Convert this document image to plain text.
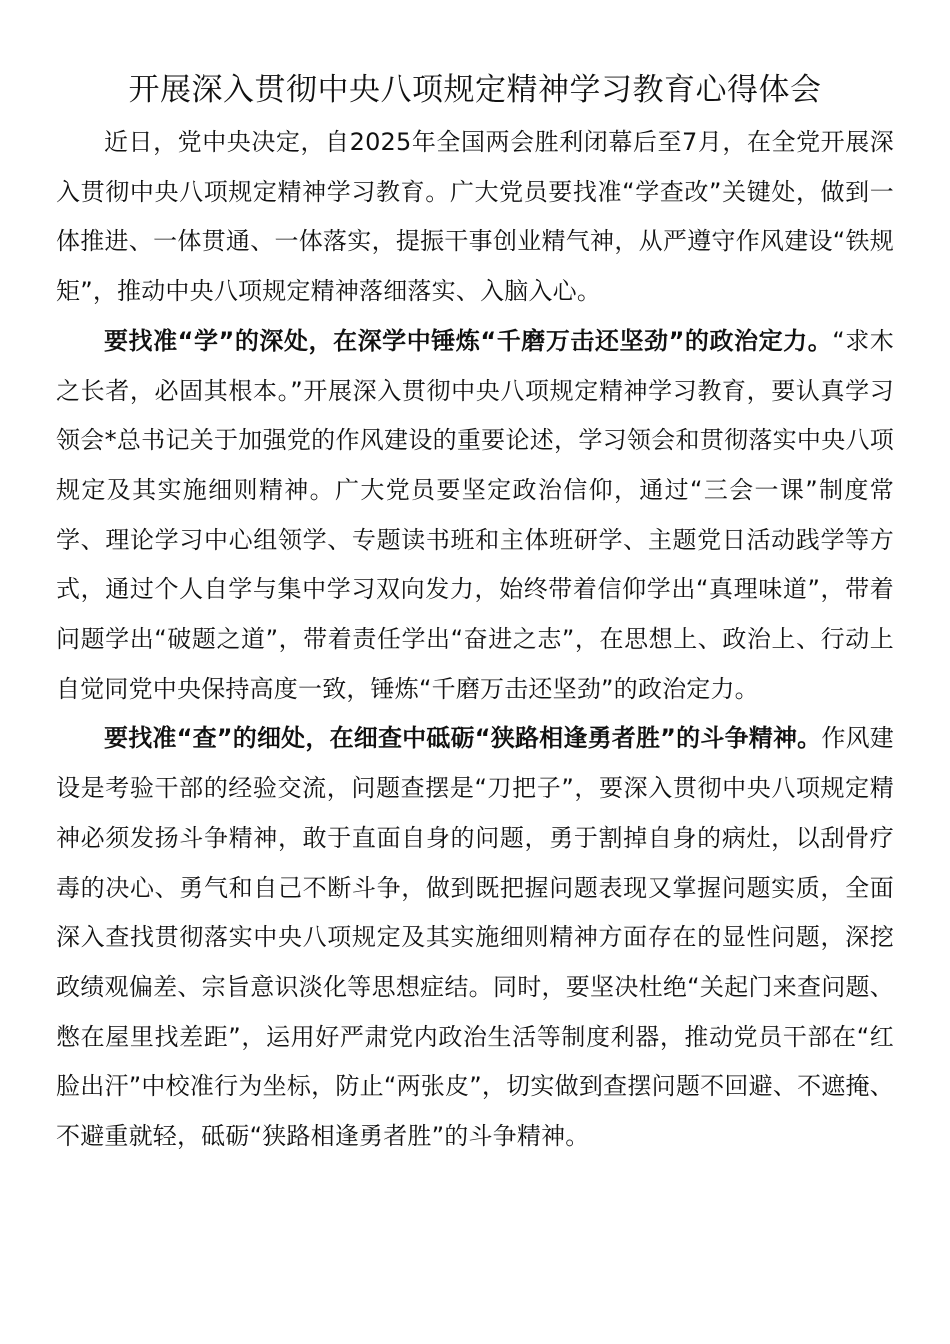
开展深入贯彻中央八项规定精神学习教育心得体会

近日，党中央决定，自2025年全国两会胜利闭幕后至7月，在全党开展深入贯彻中央八项规定精神学习教育。广大党员要找准“学查改”关键处，做到一体推进、一体贯通、一体落实，提振干事创业精气神，从严遵守作风建设“铁规矩”，推动中央八项规定精神落细落实、入脑入心。

要找准“学”的深处，在深学中锤炼“千磨万击还坚劲”的政治定力。“求木之长者，必固其根本。”开展深入贯彻中央八项规定精神学习教育，要认真学习领会*总书记关于加强党的作风建设的重要论述，学习领会和贯彻落实中央八项规定及其实施细则精神。广大党员要坚定政治信仰，通过“三会一课”制度常学、理论学习中心组领学、专题读书班和主体班研学、主题党日活动践学等方式，通过个人自学与集中学习双向发力，始终带着信仰学出“真理味道”，带着问题学出“破题之道”，带着责任学出“奋进之志”，在思想上、政治上、行动上自觉同党中央保持高度一致，锤炼“千磨万击还坚劲”的政治定力。

要找准“查”的细处，在细查中砥砺“狭路相逢勇者胜”的斗争精神。作风建设是考验干部的经验交流，问题查摆是“刀把子”，要深入贯彻中央八项规定精神必须发扬斗争精神，敢于直面自身的问题，勇于割掉自身的病灶，以刮骨疗毒的决心、勇气和自己不断斗争，做到既把握问题表现又掌握问题实质，全面深入查找贯彻落实中央八项规定及其实施细则精神方面存在的显性问题，深挖政绩观偏差、宗旨意识淡化等思想症结。同时，要坚决杜绝“关起门来查问题、憋在屋里找差距”，运用好严肃党内政治生活等制度利器，推动党员干部在“红脸出汗”中校准行为坐标，防止“两张皮”，切实做到查摆问题不回避、不遮掩、不避重就轻，砥砺“狭路相逢勇者胜”的斗争精神。
